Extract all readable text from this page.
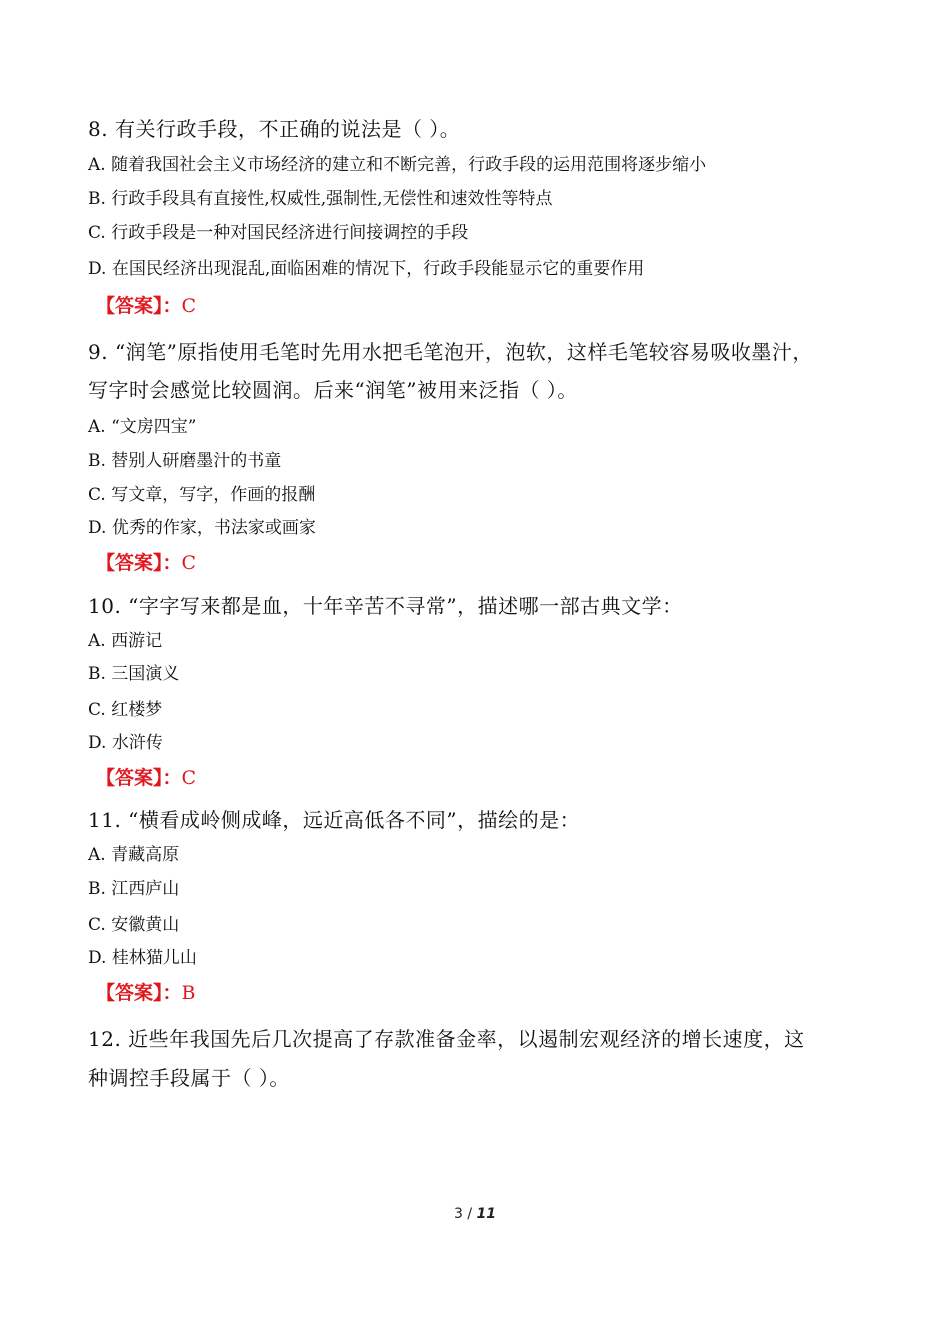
8. 有关行政手段，不正确的说法是（ ）。
A. 随着我国社会主义市场经济的建立和不断完善，行政手段的运用范围将逐步缩小
B. 行政手段具有直接性,权威性,强制性,无偿性和速效性等特点
C. 行政手段是一种对国民经济进行间接调控的手段
D. 在国民经济出现混乱,面临困难的情况下，行政手段能显示它的重要作用
【答案】：C
9. “润笔”原指使用毛笔时先用水把毛笔泡开，泡软，这样毛笔较容易吸收墨汁，
写字时会感觉比较圆润。后来“润笔”被用来泛指（ ）。
A. “文房四宝”
B. 替别人研磨墨汁的书童
C. 写文章，写字，作画的报酬
D. 优秀的作家，书法家或画家
【答案】：C
10. “字字写来都是血，十年辛苦不寻常”，描述哪一部古典文学：
A. 西游记
B. 三国演义
C. 红楼梦
D. 水浒传
【答案】：C
11. “横看成岭侧成峰，远近高低各不同”，描绘的是：
A. 青藏高原
B. 江西庐山
C. 安徽黄山
D. 桂林猫儿山
【答案】：B
12. 近些年我国先后几次提高了存款准备金率，以遏制宏观经济的增长速度，这
种调控手段属于（ ）。
3 / 11
